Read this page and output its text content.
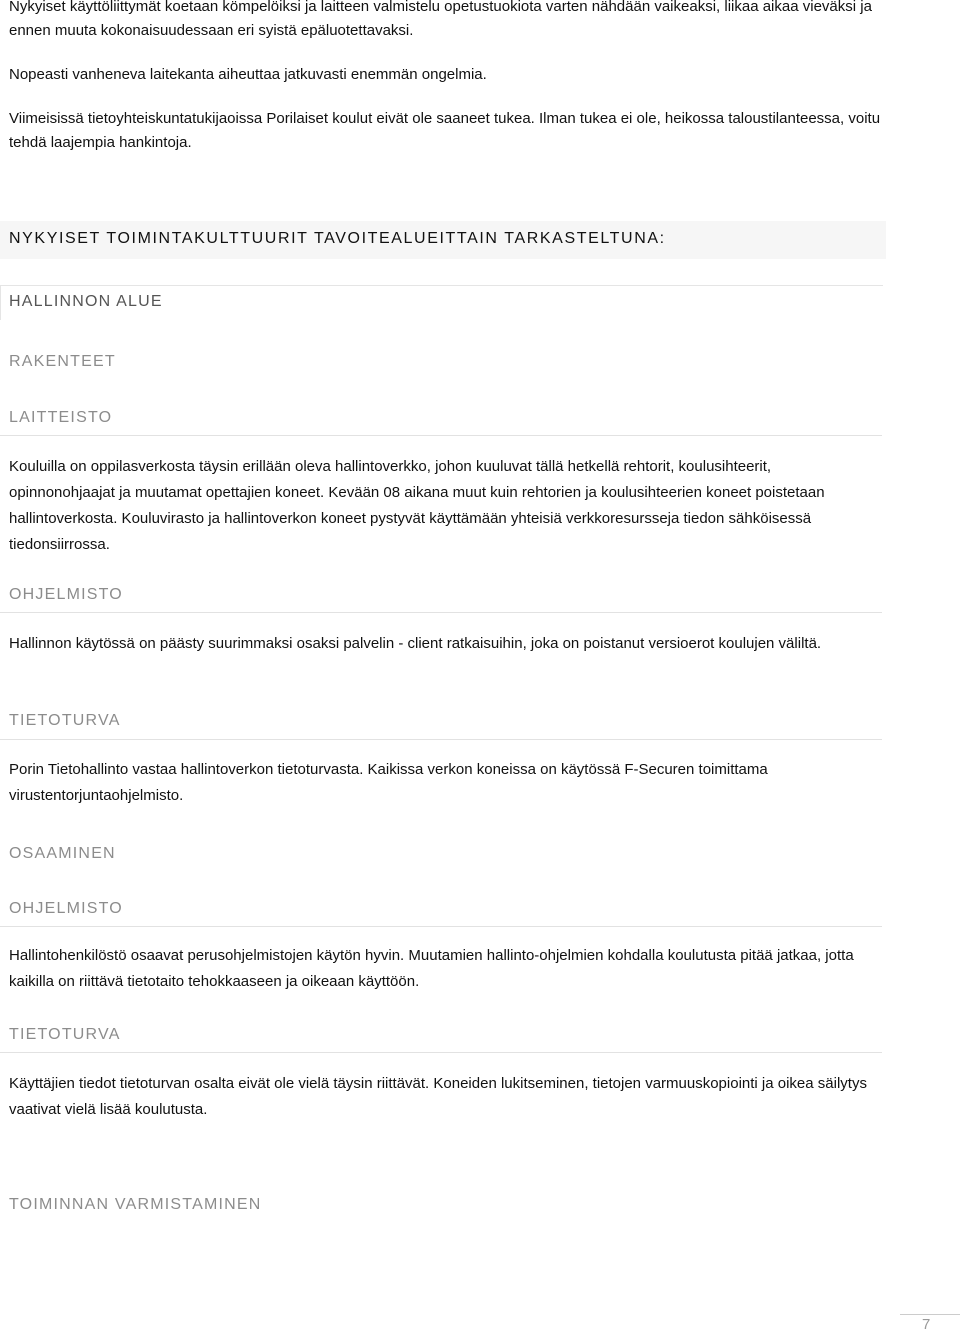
Nykyiset käyttöliittymät koetaan kömpelöiksi ja laitteen valmistelu opetustuokiota varten nähdään vaikeaksi, liikaa aikaa vieväksi ja ennen muuta kokonaisuudessaan eri syistä epäluotettavaksi.

Nopeasti vanheneva laitekanta aiheuttaa jatkuvasti enemmän ongelmia.

Viimeisissä tietoyhteiskuntatukijaoissa Porilaiset koulut eivät ole saaneet tukea. Ilman tukea ei ole, heikossa taloustilanteessa, voitu tehdä laajempia hankintoja.

NYKYISET TOIMINTAKULTTUURIT TAVOITEALUEITTAIN TARKASTELTUNA:
HALLINNON ALUE
RAKENTEET
LAITTEISTO

Kouluilla on oppilasverkosta täysin erillään oleva hallintoverkko, johon kuuluvat tällä hetkellä rehtorit, koulusihteerit, opinnonohjaajat ja muutamat opettajien koneet. Kevään 08 aikana muut kuin rehtorien ja koulusihteerien koneet poistetaan hallintoverkosta. Kouluvirasto ja hallintoverkon koneet pystyvät käyttämään yhteisiä verkkoresursseja tiedon sähköisessä tiedonsiirrossa.

OHJELMISTO

Hallinnon käytössä on päästy suurimmaksi osaksi palvelin - client ratkaisuihin, joka on poistanut versioerot koulujen väliltä.

TIETOTURVA

Porin Tietohallinto vastaa hallintoverkon tietoturvasta. Kaikissa verkon koneissa on käytössä F-Securen toimittama virustentorjuntaohjelmisto.

OSAAMINEN
OHJELMISTO

Hallintohenkilöstö osaavat perusohjelmistojen käytön hyvin. Muutamien hallinto-ohjelmien kohdalla koulutusta pitää jatkaa, jotta kaikilla on riittävä tietotaito tehokkaaseen ja oikeaan käyttöön.

TIETOTURVA

Käyttäjien tiedot tietoturvan osalta eivät ole vielä täysin riittävät. Koneiden lukitseminen, tietojen varmuuskopiointi ja oikea säilytys vaativat vielä lisää koulutusta.

TOIMINNAN VARMISTAMINEN
7
